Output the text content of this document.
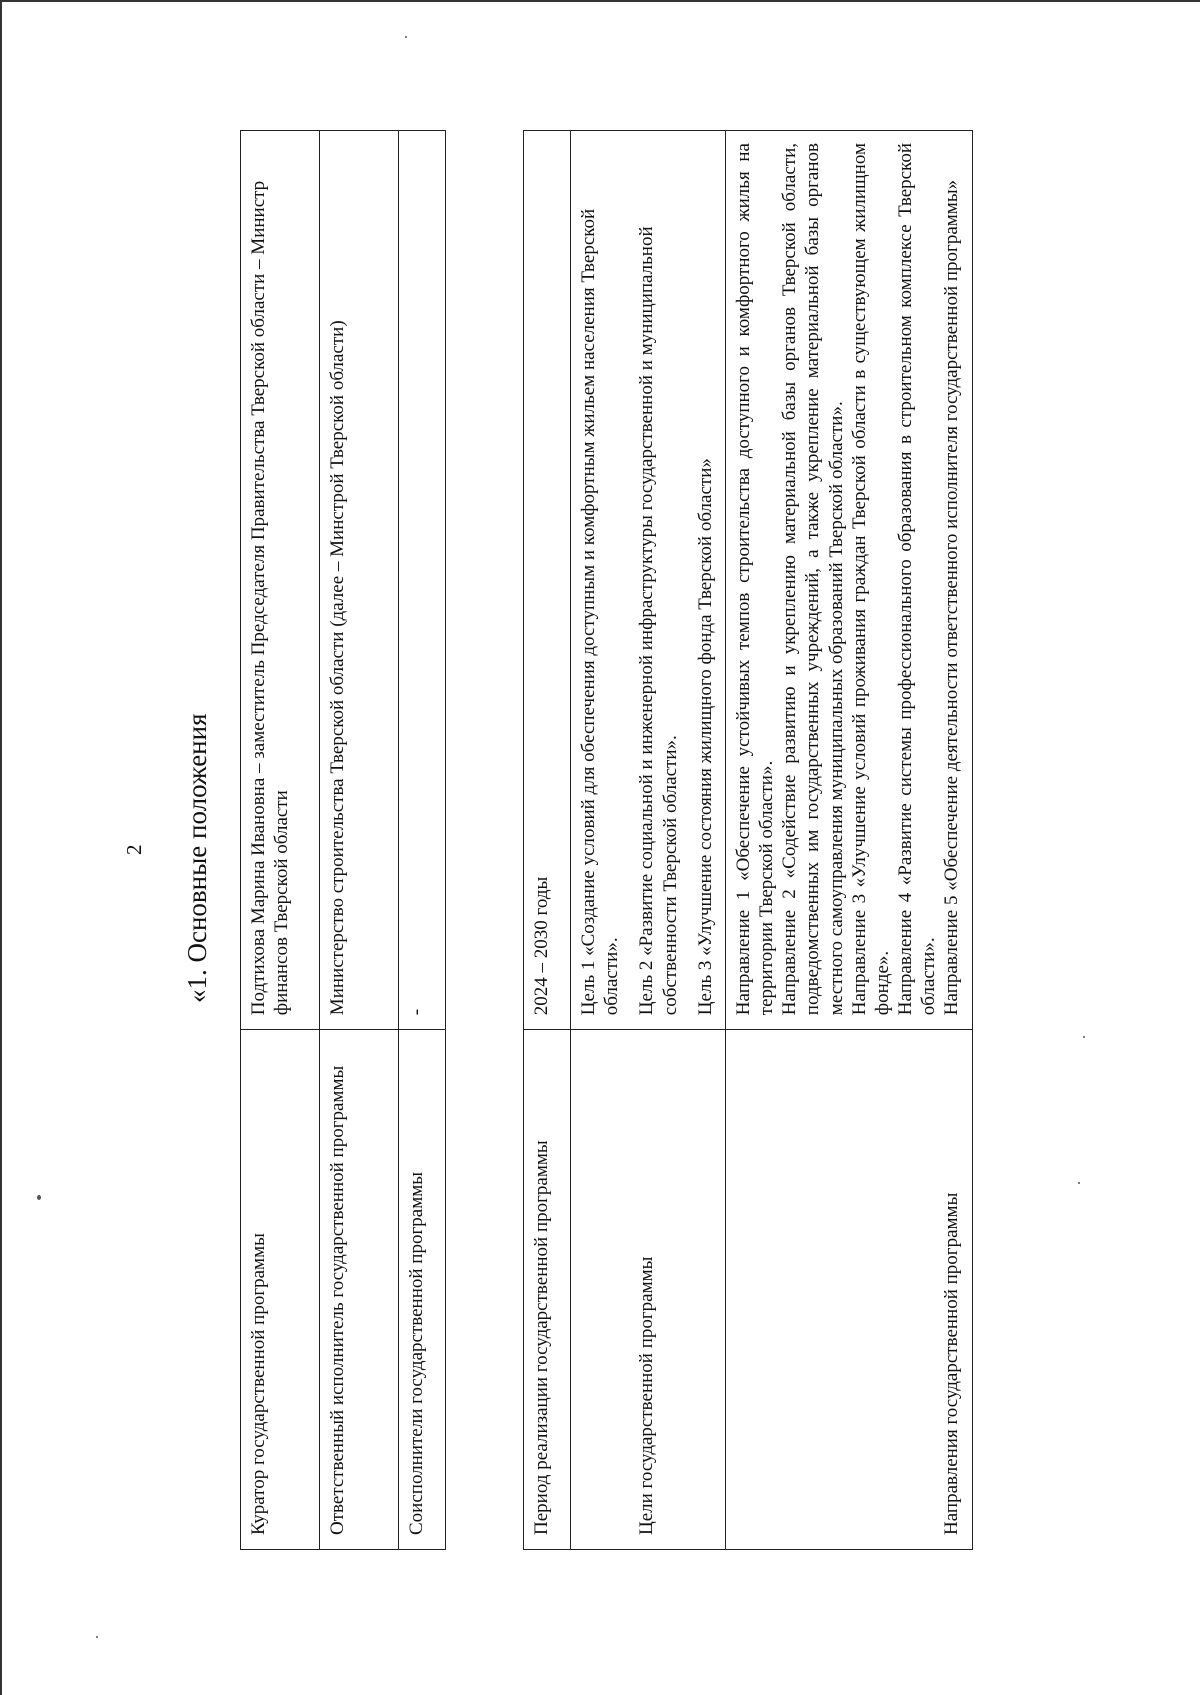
2 «1. Основные положения
Куратор государственной программы	Подтихова Марина Ивановна – заместитель Председателя Правительства Тверской области – Министр финансов Тверской области
Ответственный исполнитель государственной программы	Министерство строительства Тверской области (далее – Минстрой Тверской области)
Соисполнители государственной программы	-
Период реализации государственной программы	2024 – 2030 годы
Цели государственной программы	Цель 1 «Создание условий для обеспечения доступным и комфортным жильем населения Тверской области». Цель 2 «Развитие социальной и инженерной инфраструктуры государственной и муниципальной собственности Тверской области». Цель 3 «Улучшение состояния жилищного фонда Тверской области»

Направления государственной программы	Направление 1 «Обеспечение устойчивых темпов строительства доступного и комфортного жилья на территории Тверской области». Направление 2 «Содействие развитию и укреплению материальной базы органов Тверской области, подведомственных им государственных учреждений, а также укрепление материальной базы органов местного самоуправления муниципальных образований Тверской области». Направление 3 «Улучшение условий проживания граждан Тверской области в существующем жилищном фонде». Направление 4 «Развитие системы профессионального образования в строительном комплексе Тверской области». Направление 5 «Обеспечение деятельности ответственного исполнителя государственной программы»
